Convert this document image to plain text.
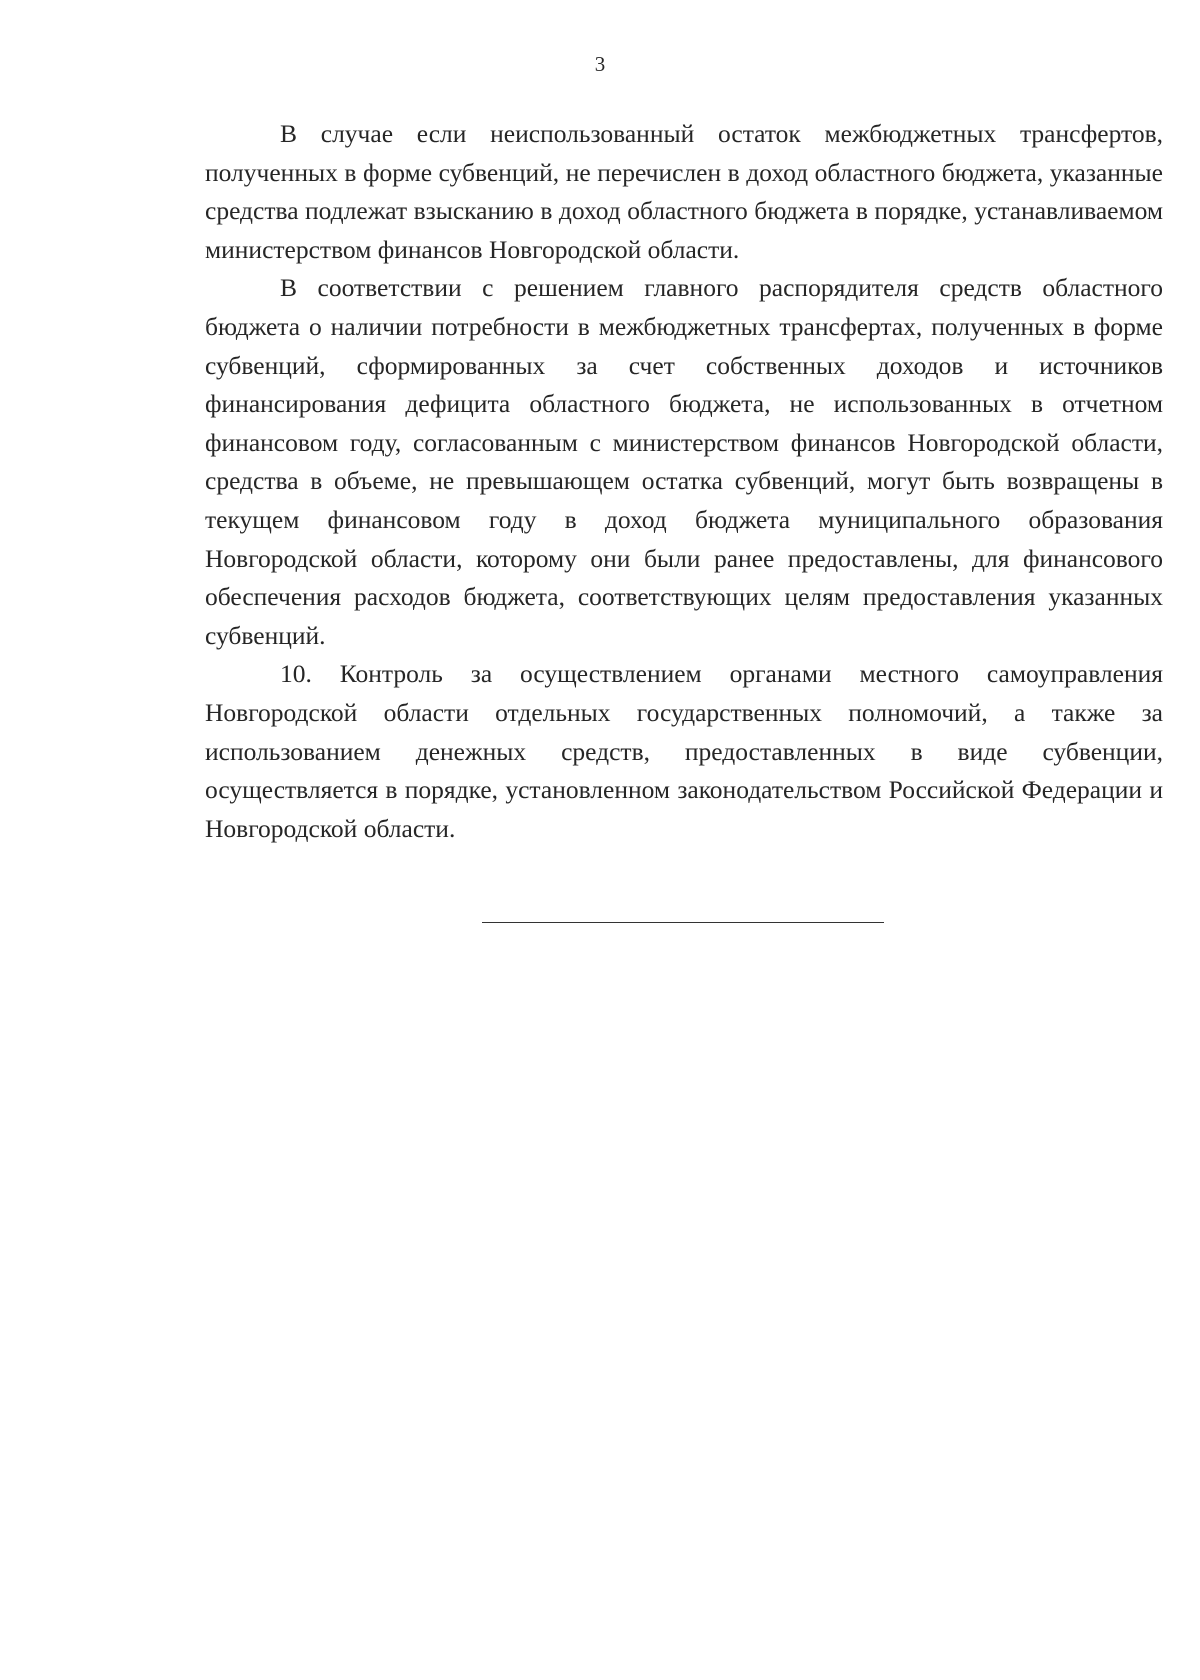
3

В случае если неиспользованный остаток межбюджетных трансфертов, полученных в форме субвенций, не перечислен в доход областного бюджета, указанные средства подлежат взысканию в доход областного бюджета в порядке, устанавливаемом министерством финансов Новгородской области.

В соответствии с решением главного распорядителя средств областного бюджета о наличии потребности в межбюджетных трансфертах, полученных в форме субвенций, сформированных за счет собственных доходов и источников финансирования дефицита областного бюджета, не использованных в отчетном финансовом году, согласованным с министерством финансов Новгородской области, средства в объеме, не превышающем остатка субвенций, могут быть возвращены в текущем финансовом году в доход бюджета муниципального образования Новгородской области, которому они были ранее предоставлены, для финансового обеспечения расходов бюджета, соответствующих целям предоставления указанных субвенций.

10. Контроль за осуществлением органами местного самоуправления Новгородской области отдельных государственных полномочий, а также за использованием денежных средств, предоставленных в виде субвенции, осуществляется в порядке, установленном законодательством Российской Федерации и Новгородской области.
